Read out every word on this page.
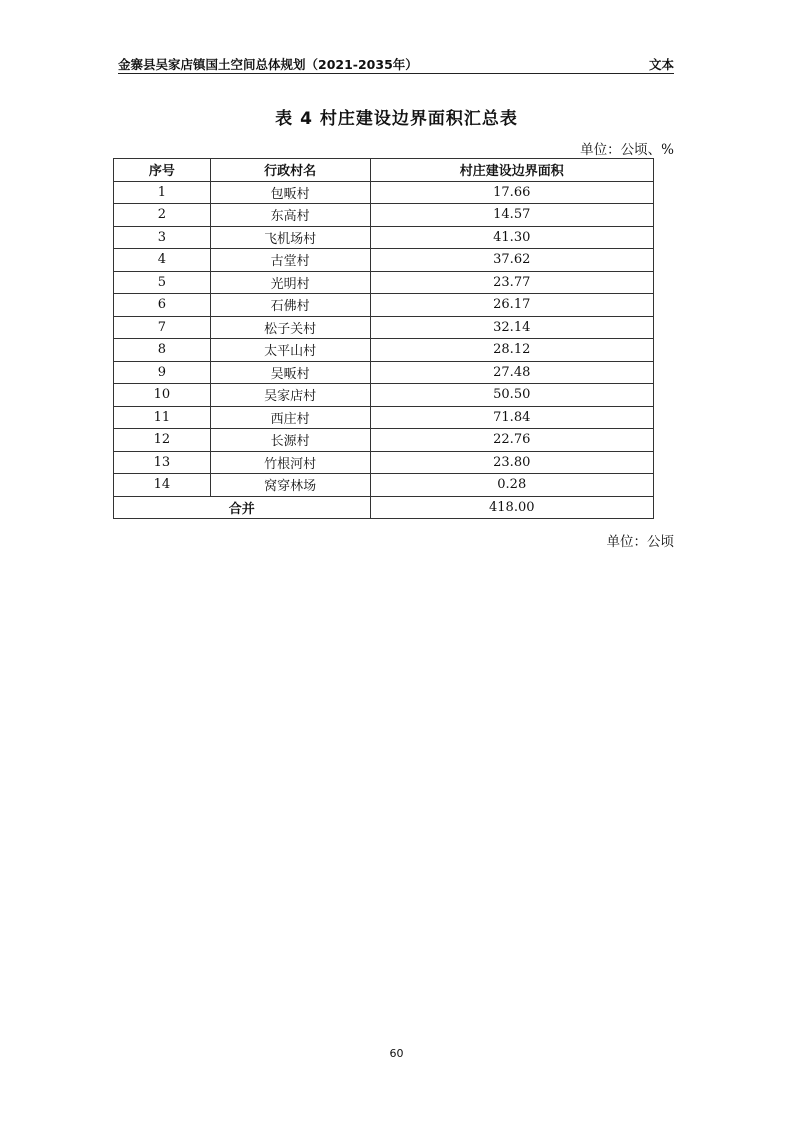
金寨县吴家店镇国土空间总体规划（2021-2035年）	文本
表 4 村庄建设边界面积汇总表
单位：公顷、%
序号	行政村名	村庄建设边界面积
1	包畈村	17.66
2	东高村	14.57
3	飞机场村	41.30
4	古堂村	37.62
5	光明村	23.77
6	石佛村	26.17
7	松子关村	32.14
8	太平山村	28.12
9	吴畈村	27.48
10	吴家店村	50.50
11	西庄村	71.84
12	长源村	22.76
13	竹根河村	23.80
14	窝穿林场	0.28
合并		418.00
单位：公顷
60
